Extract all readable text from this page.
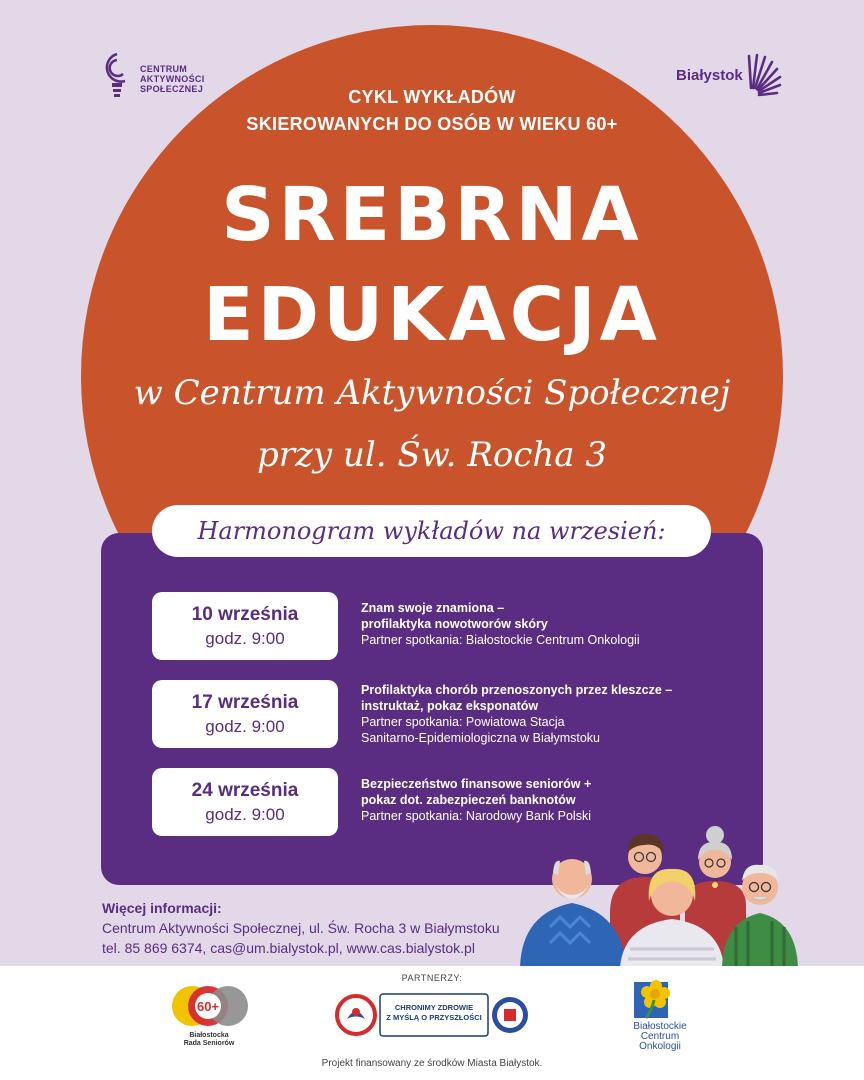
CENTRUM
AKTYWNOŚCI
SPOŁECZNEJ
Białystok
CYKL WYKŁADÓW
SKIEROWANYCH DO OSÓB W WIEKU 60+
SREBRNA
EDUKACJA
w Centrum Aktywności Społecznej
przy ul. Św. Rocha 3
Harmonogram wykładów na wrzesień:
10 września
godz. 9:00
Znam swoje znamiona –
profilaktyka nowotworów skóry
Partner spotkania: Białostockie Centrum Onkologii
17 września
godz. 9:00
Profilaktyka chorób przenoszonych przez kleszcze –
instruktaż, pokaz eksponatów
Partner spotkania: Powiatowa Stacja
Sanitarno-Epidemiologiczna w Białymstoku
24 września
godz. 9:00
Bezpieczeństwo finansowe seniorów +
pokaz dot. zabezpieczeń banknotów
Partner spotkania: Narodowy Bank Polski
Więcej informacji:
Centrum Aktywności Społecznej, ul. Św. Rocha 3 w Białymstoku
tel. 85 869 6374, cas@um.bialystok.pl, www.cas.bialystok.pl
PARTNERZY:
60+
Białostocka
Rada Seniorów
CHRONIMY ZDROWIE
Z MYŚLĄ O PRZYSZŁOŚCI
Białostockie
Centrum
Onkologii
Projekt finansowany ze środków Miasta Białystok.
